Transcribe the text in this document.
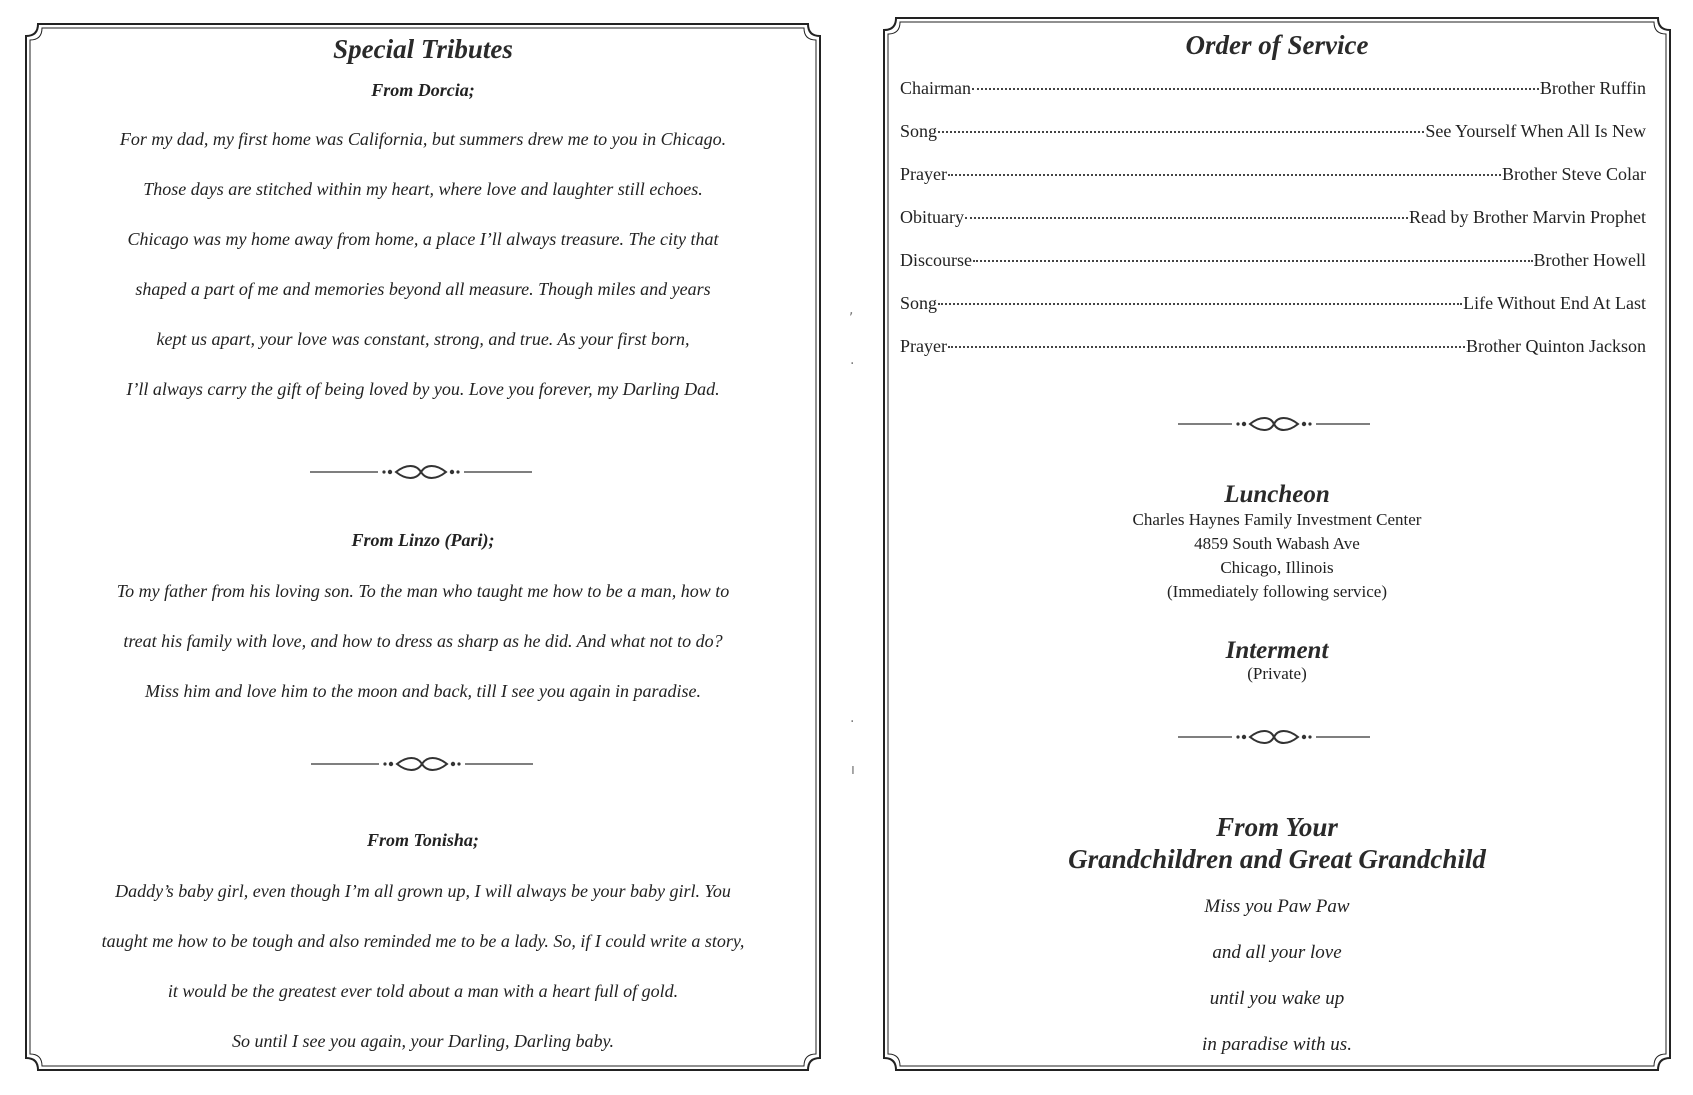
Special Tributes

From Dorcia;

For my dad, my first home was California, but summers drew me to you in Chicago.

Those days are stitched within my heart, where love and laughter still echoes.

Chicago was my home away from home, a place I’ll always treasure. The city that

shaped a part of me and memories beyond all measure. Though miles and years

kept us apart, your love was constant, strong, and true. As your first born,

I’ll always carry the gift of being loved by you. Love you forever, my Darling Dad.

From Linzo (Pari);

To my father from his loving son. To the man who taught me how to be a man, how to

treat his family with love, and how to dress as sharp as he did. And what not to do?

Miss him and love him to the moon and back, till I see you again in paradise.

From Tonisha;

Daddy’s baby girl, even though I’m all grown up, I will always be your baby girl. You

taught me how to be tough and also reminded me to be a lady. So, if I could write a story,

it would be the greatest ever told about a man with a heart full of gold.

So until I see you again, your Darling, Darling baby.

,
·
·
ı
Order of Service
Chairman	Brother Ruffin
Song	See Yourself When All Is New
Prayer	Brother Steve Colar
Obituary	Read by Brother Marvin Prophet
Discourse	Brother Howell
Song	Life Without End At Last
Prayer	Brother Quinton Jackson
Luncheon

Charles Haynes Family Investment Center

4859 South Wabash Ave

Chicago, Illinois

(Immediately following service)

Interment

(Private)

From Your
Grandchildren and Great Grandchild

Miss you Paw Paw

and all your love

until you wake up

in paradise with us.
